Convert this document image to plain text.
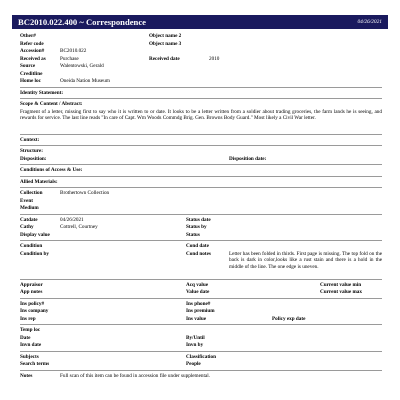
BC2010.022.400 ~ Correspondence	04/26/2021
Other#	Object name 2
Refer code	Object name 3
Accession#	BC2010.022
Received as	Purchase	Received date	2010
Source	Walentowski, Gerald
Creditline
Home loc	Oneida Nation Museum
Identity Statement:
Scope & Content / Abstract:
Fragment of a letter, missing first to say who it is written to or date. It looks to be a letter written from a soldier about trading groceries, the farm lands he is seeing, and rewards for service. The last line reads "In care of Capt. Wm Woods Commdg Brig. Gen. Browns Body Guard." Most likely a Civil War letter.
Context:
Structure:
Disposition:	Disposition date:
Conditions of Access & Use:
Allied Materials:
Collection	Brothertown Collection
Event
Medium
Catdate	04/26/2021	Status date
Cathy	Cottrell, Courtney	Status by
Display value	Status
Condition	Cond date
Condition by	Cond notes	Letter has been folded in thirds. First page is missing. The top fold on the back is dark in color,looks like a rust stain and there is a hold in the middle of the line. The one edge is uneven.
Appraisor	Acq value	Current value min
App notes	Value date	Current value max
Ins policy#	Ins phone#
Ins company	Ins premium
Ins rep	Ins value	Policy exp date
Temp loc
Date	By/Until
Invn date	Invn by
Subjects	Classification
Search terms	People
Notes	Full scan of this item can be found in accession file under supplemental.
